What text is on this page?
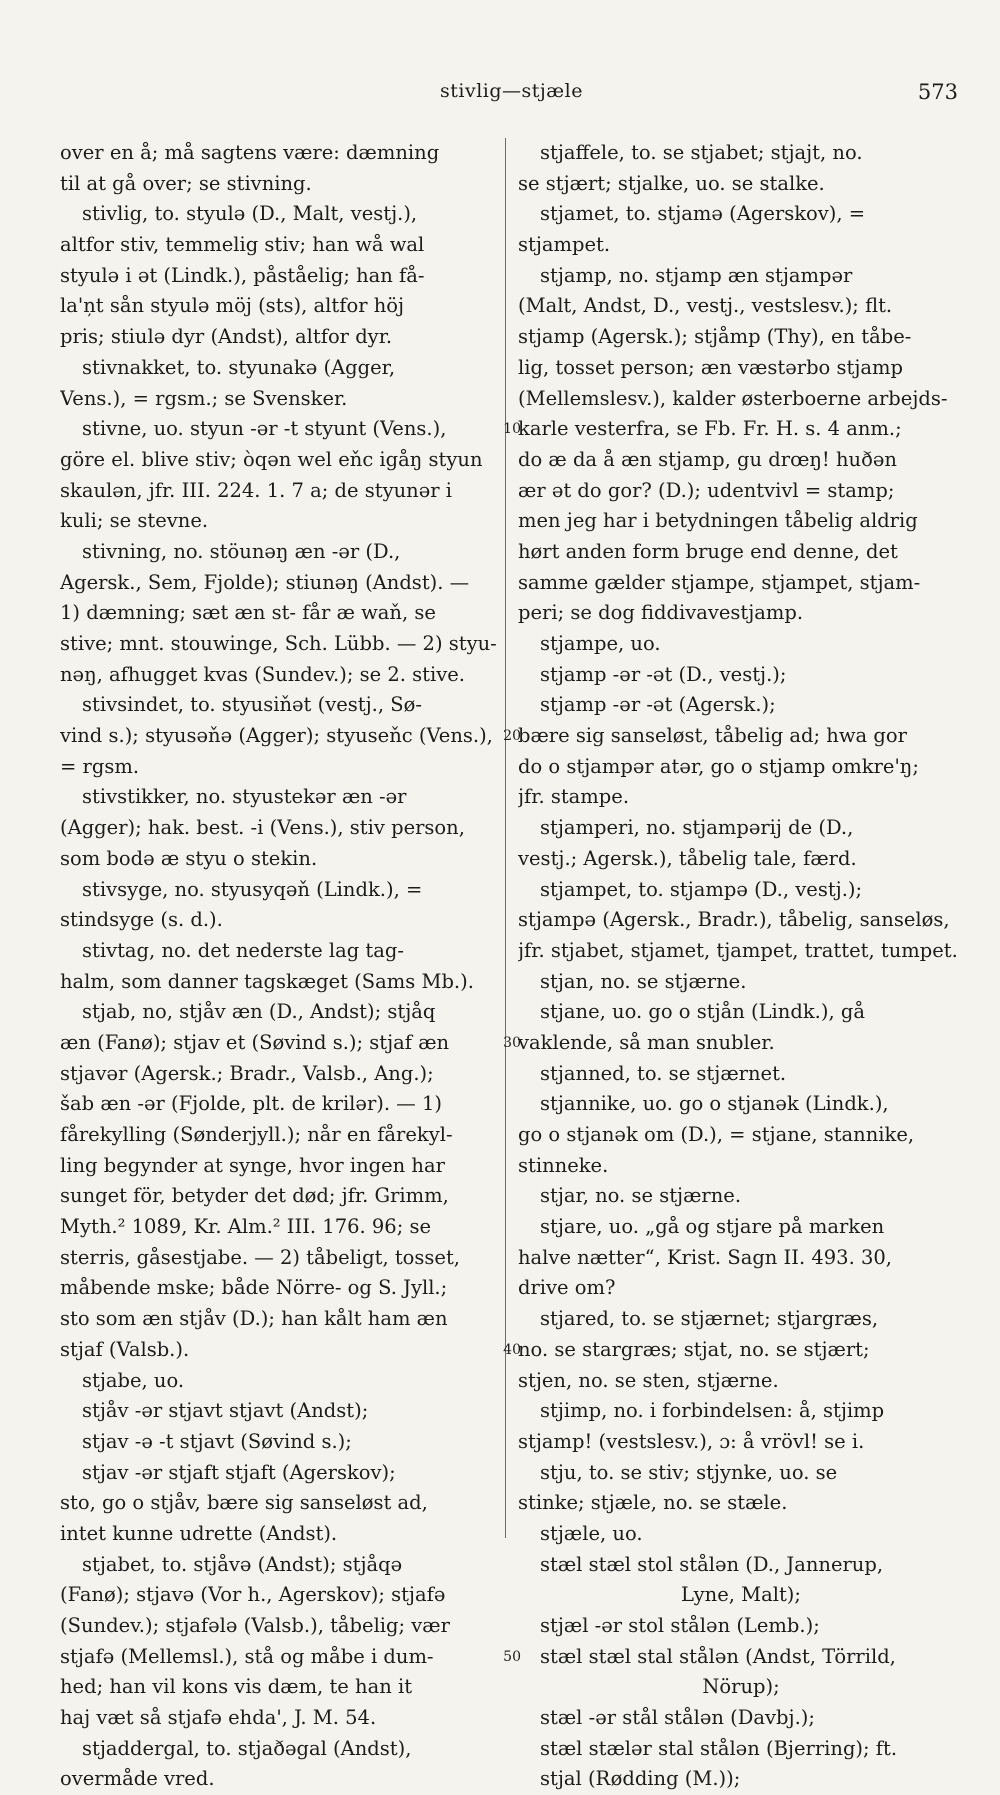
stivlig—stjæle	573
over en å; må sagtens være: dæmning
til at gå over; se stivning.
stivlig, to. styulə (D., Malt, vestj.),
altfor stiv, temmelig stiv; han wå wal
styulə i ət (Lindk.), påståelig; han få-
la'n̦t sån styulə möj (sts), altfor höj
pris; stiulə dyr (Andst), altfor dyr.
stivnakket, to. styunakə (Agger,
Vens.), = rgsm.; se Svensker.
stivne, uo. styun -ər -t styunt (Vens.),
göre el. blive stiv; òqən wel eňc igåŋ styun
skaulən, jfr. III. 224. 1. 7 a; de styunər i
kuli; se stevne.
stivning, no. stöunəŋ æn -ər (D.,
Agersk., Sem, Fjolde); stiunəŋ (Andst). —
1) dæmning; sæt æn st- får æ waň, se
stive; mnt. stouwinge, Sch. Lübb. — 2) styu-
nəŋ, afhugget kvas (Sundev.); se 2. stive.
stivsindet, to. styusiňət (vestj., Sø-
vind s.); styusəňə (Agger); styuseňc (Vens.),
= rgsm.
stivstikker, no. styustekər æn -ər
(Agger); hak. best. -i (Vens.), stiv person,
som bodə æ styu o stekin.
stivsyge, no. styusyqəň (Lindk.), =
stindsyge (s. d.).
stivtag, no. det nederste lag tag-
halm, som danner tagskæget (Sams Mb.).
stjab, no, stjåv æn (D., Andst); stjåq
æn (Fanø); stjav et (Søvind s.); stjaf æn
stjavər (Agersk.; Bradr., Valsb., Ang.);
šab æn -ər (Fjolde, plt. de krilər). — 1)
fårekylling (Sønderjyll.); når en fårekyl-
ling begynder at synge, hvor ingen har
sunget för, betyder det død; jfr. Grimm,
Myth.² 1089, Kr. Alm.² III. 176. 96; se
sterris, gåsestjabe. — 2) tåbeligt, tosset,
måbende mske; både Nörre- og S. Jyll.;
sto som æn stjåv (D.); han kålt ham æn
stjaf (Valsb.).
stjabe, uo.
stjåv -ər stjavt stjavt (Andst);
stjav -ə -t stjavt (Søvind s.);
stjav -ər stjaft stjaft (Agerskov);
sto, go o stjåv, bære sig sanseløst ad,
intet kunne udrette (Andst).
stjabet, to. stjåvə (Andst); stjåqə
(Fanø); stjavə (Vor h., Agerskov); stjafə
(Sundev.); stjafələ (Valsb.), tåbelig; vær
stjafə (Mellemsl.), stå og måbe i dum-
hed; han vil kons vis dæm, te han it
haj væt så stjafə ehda', J. M. 54.
stjaddergal, to. stjaðəgal (Andst),
overmåde vred.
stjaffele, to. se stjabet; stjajt, no.
se stjært; stjalke, uo. se stalke.
stjamet, to. stjamə (Agerskov), =
stjampet.
stjamp, no. stjamp æn stjampər
(Malt, Andst, D., vestj., vestslesv.); flt.
stjamp (Agersk.); stjåmp (Thy), en tåbe-
lig, tosset person; æn væstərbo stjamp
(Mellemslesv.), kalder østerboerne arbejds-
karle vesterfra, se Fb. Fr. H. s. 4 anm.;
do æ da å æn stjamp, gu drœŋ! huðən
ær ət do gor? (D.); udentvivl = stamp;
men jeg har i betydningen tåbelig aldrig
hørt anden form bruge end denne, det
samme gælder stjampe, stjampet, stjam-
peri; se dog fiddivavestjamp.
stjampe, uo.
stjamp -ər -ət (D., vestj.);
stjamp -ər -ət (Agersk.);
bære sig sanseløst, tåbelig ad; hwa gor
do o stjampər atər, go o stjamp omkre'ŋ;
jfr. stampe.
stjamperi, no. stjampərij de (D.,
vestj.; Agersk.), tåbelig tale, færd.
stjampet, to. stjampə (D., vestj.);
stjampə (Agersk., Bradr.), tåbelig, sanseløs,
jfr. stjabet, stjamet, tjampet, trattet, tumpet.
stjan, no. se stjærne.
stjane, uo. go o stjån (Lindk.), gå
vaklende, så man snubler.
stjanned, to. se stjærnet.
stjannike, uo. go o stjanək (Lindk.),
go o stjanək om (D.), = stjane, stannike,
stinneke.
stjar, no. se stjærne.
stjare, uo. „gå og stjare på marken
halve nætter“, Krist. Sagn II. 493. 30,
drive om?
stjared, to. se stjærnet; stjargræs,
no. se stargræs; stjat, no. se stjært;
stjen, no. se sten, stjærne.
stjimp, no. i forbindelsen: å, stjimp
stjamp! (vestslesv.), ɔ: å vrövl! se i.
stju, to. se stiv; stjynke, uo. se
stinke; stjæle, no. se stæle.
stjæle, uo.
stæl stæl stol stålən (D., Jannerup,
Lyne, Malt);
stjæl -ər stol stålən (Lemb.);
stæl stæl stal stålən (Andst, Törrild,
Nörup);
stæl -ər stål stålən (Davbj.);
stæl stælər stal stålən (Bjerring); ft.
stjal (Rødding (M.));
10
20
30
40
50
